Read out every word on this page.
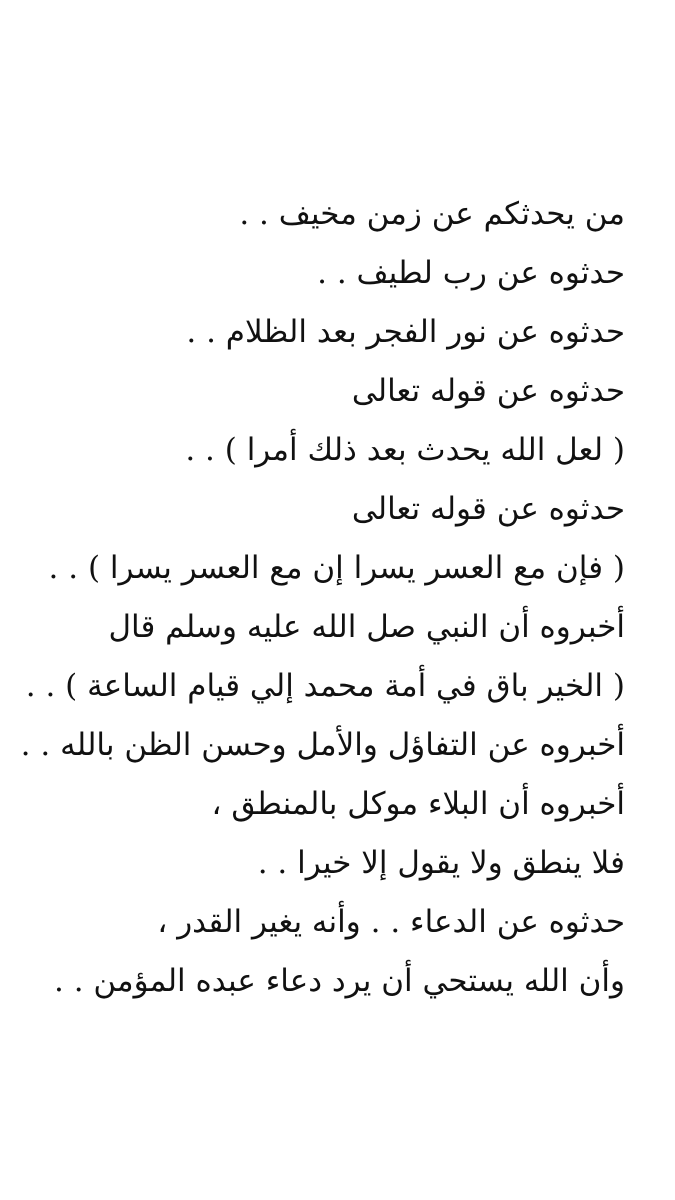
من يحدثكم عن زمن مخيف . .
حدثوه عن رب لطيف . .
حدثوه عن نور الفجر بعد الظلام . .
حدثوه عن قوله تعالى
( لعل الله يحدث بعد ذلك أمرا ) . .
حدثوه عن قوله تعالى
( فإن مع العسر يسرا إن مع العسر يسرا ) . .
أخبروه أن النبي صل الله عليه وسلم قال
( الخير باق في أمة محمد إلي قيام الساعة ) . .
أخبروه عن التفاؤل والأمل وحسن الظن بالله . .
أخبروه أن البلاء موكل بالمنطق ،
فلا ينطق ولا يقول إلا خيرا . .
حدثوه عن الدعاء . . وأنه يغير القدر ،
وأن الله يستحي أن يرد دعاء عبده المؤمن . .
